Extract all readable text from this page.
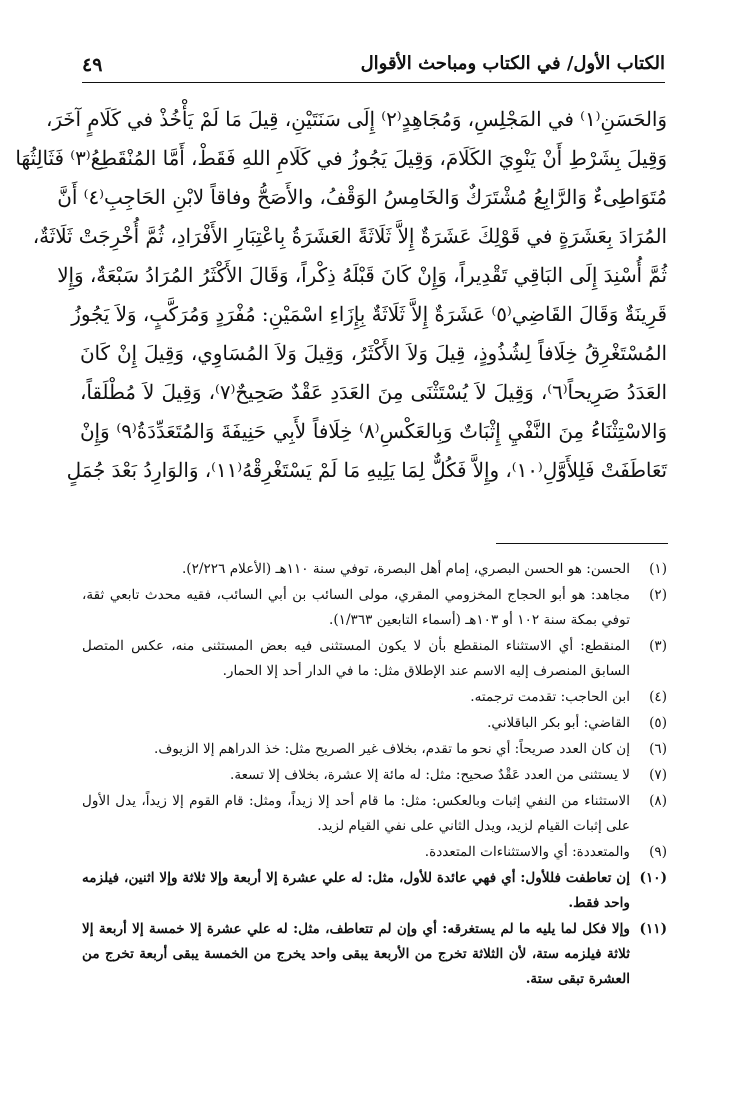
٤٩	الكتاب الأول/ في الكتاب ومباحث الأقوال
وَالحَسَنِ⁽١⁾ في المَجْلِسِ، وَمُجَاهِدٍ⁽٢⁾ إِلَى سَنَتَيْنِ، قِيلَ مَا لَمْ يَأْخُذْ في كَلَامٍ آخَرَ،
وَقِيلَ بِشَرْطِ أَنْ يَنْوِيَ الكَلَامَ، وَقِيلَ يَجُوزُ في كَلَامِ اللهِ فَقَطْ، أَمَّا المُنْقَطِعُ⁽٣⁾ فَثَالِثُهَا
مُتَوَاطِىءٌ وَالرَّابِعُ مُشْتَرَكٌ وَالخَامِسُ الوَقْفُ، والأَصَحُّ وفاقاً لابْنِ الحَاجِبِ⁽٤⁾ أَنَّ
المُرَادَ بِعَشَرَةٍ في قَوْلِكَ عَشَرَةٌ إِلاَّ ثَلَاثَةً العَشَرَةُ بِاعْتِبَارِ الأَفْرَادِ، ثُمَّ أُخْرِجَتْ ثَلَاثَةٌ،
ثُمَّ أُسْنِدَ إِلَى البَاقِي تَقْدِيراً، وَإِنْ كَانَ قَبْلَهُ ذِكْراً، وَقَالَ الأَكْثَرُ المُرَادُ سَبْعَةٌ، وَإِلا
قَرِينَةٌ وَقَالَ القَاضِي⁽٥⁾ عَشَرَةٌ إِلاَّ ثَلَاثَةٌ بِإِزَاءِ اسْمَيْنِ: مُفْرَدٍ وَمُرَكَّبٍ، وَلاَ يَجُوزُ
المُسْتَغْرِقُ خِلَافاً لِشُذُوذٍ، قِيلَ وَلاَ الأَكْثَرُ، وَقِيلَ وَلاَ المُسَاوِي، وَقِيلَ إِنْ كَانَ
العَدَدُ صَرِيحاً⁽٦⁾، وَقِيلَ لاَ يُسْتَثْنَى مِنَ العَدَدِ عَقْدٌ صَحِيحٌ⁽٧⁾، وَقِيلَ لاَ مُطْلَقاً،
وَالاسْتِثْنَاءُ مِنَ النَّفْيِ إِثْبَاتٌ وَبِالعَكْسِ⁽٨⁾ خِلَافاً لأَبِي حَنِيفَةَ وَالمُتَعَدِّدَةُ⁽٩⁾ وَإِنْ
تَعَاطَفَتْ فَلِلأَوَّلِ⁽١٠⁾، وإِلاَّ فَكُلٌّ لِمَا يَلِيهِ مَا لَمْ يَسْتَغْرِقْهُ⁽١١⁾، وَالوَارِدُ بَعْدَ جُمَلٍ
(١)
الحسن: هو الحسن البصري، إمام أهل البصرة، توفي سنة ١١٠هـ (الأعلام ٢/٢٢٦).
(٢)
مجاهد: هو أبو الحجاج المخزومي المقري، مولى السائب بن أبي السائب، فقيه محدث تابعي ثقة، توفي بمكة سنة ١٠٢ أو ١٠٣هـ (أسماء التابعين ١/٣٦٣).
(٣)
المنقطع: أي الاستثناء المنقطع بأن لا يكون المستثنى فيه بعض المستثنى منه، عكس المتصل السابق المنصرف إليه الاسم عند الإطلاق مثل: ما في الدار أحد إلا الحمار.
(٤)
ابن الحاجب: تقدمت ترجمته.
(٥)
القاضي: أبو بكر الباقلاني.
(٦)
إن كان العدد صريحاً: أي نحو ما تقدم، بخلاف غير الصريح مثل: خذ الدراهم إلا الزيوف.
(٧)
لا يستثنى من العدد عَقْدٌ صحيح: مثل: له مائة إلا عشرة، بخلاف إلا تسعة.
(٨)
الاستثناء من النفي إثبات وبالعكس: مثل: ما قام أحد إلا زيداً، ومثل: قام القوم إلا زيداً، يدل الأول على إثبات القيام لزيد، ويدل الثاني على نفي القيام لزيد.
(٩)
والمتعددة: أي والاستثناءات المتعددة.
(١٠)
إن تعاطفت فللأول: أي فهي عائدة للأول، مثل: له علي عشرة إلا أربعة وإلا ثلاثة وإلا اثنين، فيلزمه واحد فقط.
(١١)
وإلا فكل لما يليه ما لم يستغرقه: أي وإن لم تتعاطف، مثل: له علي عشرة إلا خمسة إلا أربعة إلا ثلاثة فيلزمه ستة، لأن الثلاثة تخرج من الأربعة يبقى واحد يخرج من الخمسة يبقى أربعة تخرج من العشرة تبقى ستة.
